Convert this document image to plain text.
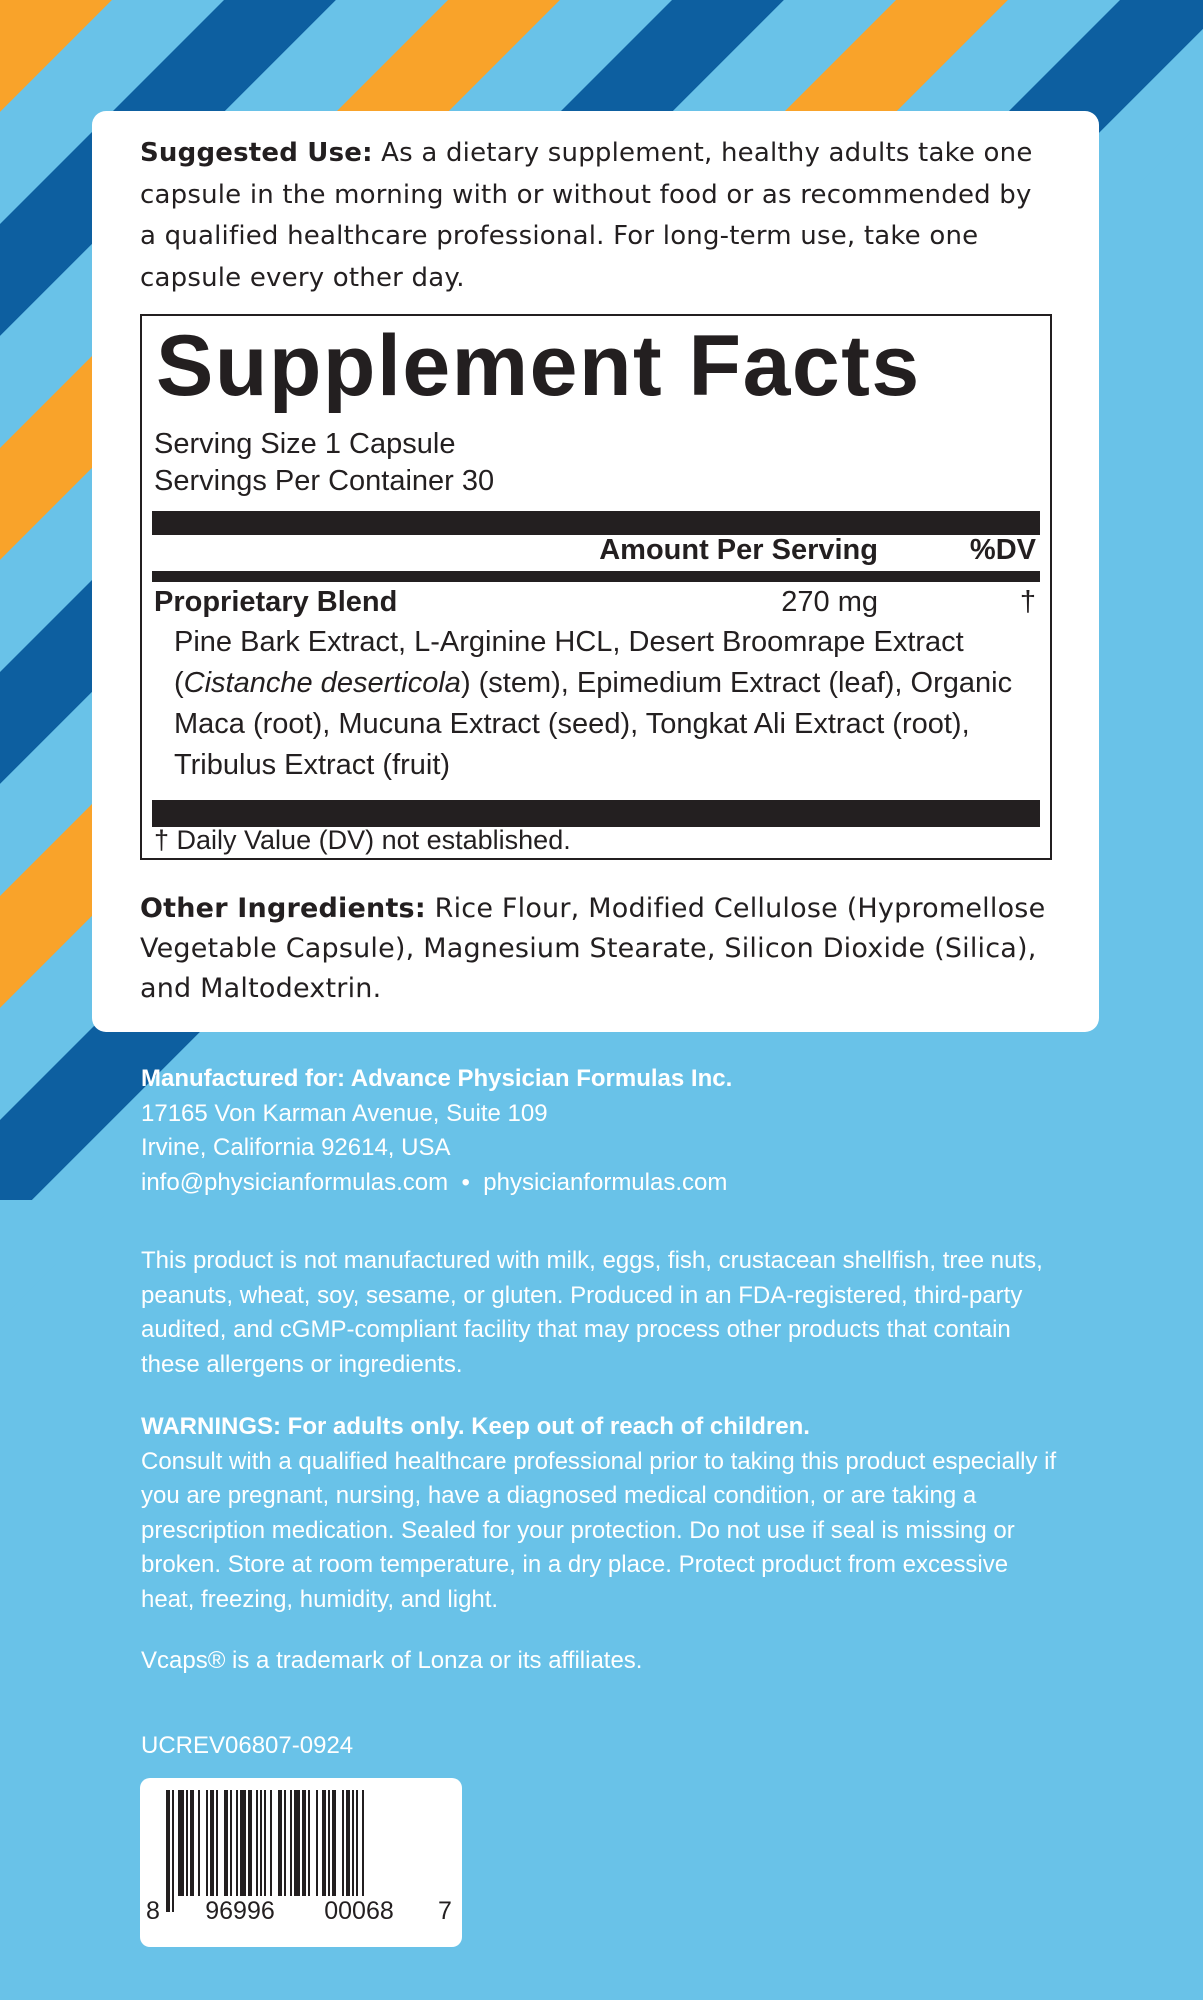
Suggested Use: As a dietary supplement, healthy adults take one capsule in the morning with or without food or as recommended by a qualified healthcare professional. For long-term use, take one capsule every other day.
Supplement Facts
Serving Size 1 Capsule
Servings Per Container 30
Amount Per Serving	%DV
Proprietary Blend	270 mg	†
Pine Bark Extract, L-Arginine HCL, Desert Broomrape Extract (Cistanche deserticola) (stem), Epimedium Extract (leaf), Organic Maca (root), Mucuna Extract (seed), Tongkat Ali Extract (root), Tribulus Extract (fruit)
† Daily Value (DV) not established.
Other Ingredients: Rice Flour, Modified Cellulose (Hypromellose Vegetable Capsule), Magnesium Stearate, Silicon Dioxide (Silica), and Maltodextrin.
Manufactured for: Advance Physician Formulas Inc.
17165 Von Karman Avenue, Suite 109
Irvine, California 92614, USA
info@physicianformulas.com • physicianformulas.com
This product is not manufactured with milk, eggs, fish, crustacean shellfish, tree nuts, peanuts, wheat, soy, sesame, or gluten. Produced in an FDA-registered, third-party audited, and cGMP-compliant facility that may process other products that contain these allergens or ingredients.
WARNINGS: For adults only. Keep out of reach of children.
Consult with a qualified healthcare professional prior to taking this product especially if you are pregnant, nursing, have a diagnosed medical condition, or are taking a prescription medication. Sealed for your protection. Do not use if seal is missing or broken. Store at room temperature, in a dry place. Protect product from excessive heat, freezing, humidity, and light.
Vcaps® is a trademark of Lonza or its affiliates.
UCREV06807-0924
8	96996	00068	7
